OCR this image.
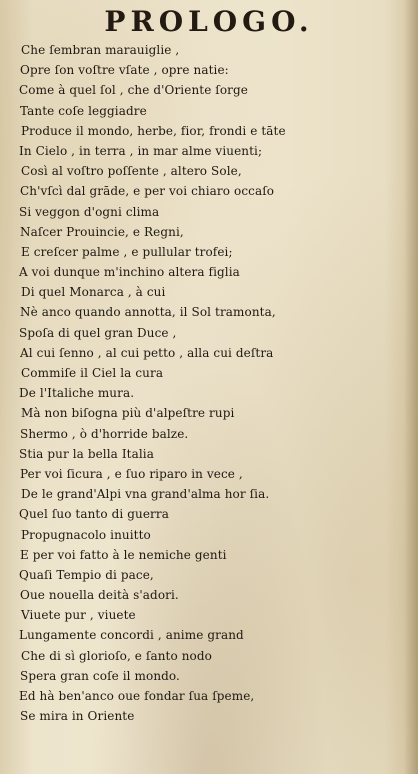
PROLOGO.
Che ſembran marauiglie ,
Opre ſon voſtre vſate , opre natie:
Come à quel ſol , che d'Oriente ſorge
Tante coſe leggiadre
Produce il mondo, herbe, fior, frondi e tāte
In Cielo , in terra , in mar alme viuenti;
Così al voſtro poſſente , altero Sole,
Ch'vſcì dal grāde, e per voi chiaro occaſo
Si veggon d'ogni clima
Naſcer Prouincie, e Regni,
E creſcer palme , e pullular trofei;
A voi dunque m'inchino altera figlia
Di quel Monarca , à cui
Nè anco quando annotta, il Sol tramonta,
Spoſa di quel gran Duce ,
Al cui ſenno , al cui petto , alla cui deſtra
Commiſe il Ciel la cura
De l'Italiche mura.
Mà non biſogna più d'alpeſtre rupi
Shermo , ò d'horride balze.
Stia pur la bella Italia
Per voi ſicura , e ſuo riparo in vece ,
De le grand'Alpi vna grand'alma hor ſia.
Quel ſuo tanto di guerra
Propugnacolo inuitto
E per voi fatto à le nemiche genti
Quaſi Tempio di pace,
Oue nouella deità s'adori.
Viuete pur , viuete
Lungamente concordi , anime grand
Che di sì glorioſo, e ſanto nodo
Spera gran coſe il mondo.
Ed hà ben'anco oue fondar ſua ſpeme,
Se mira in Oriente
